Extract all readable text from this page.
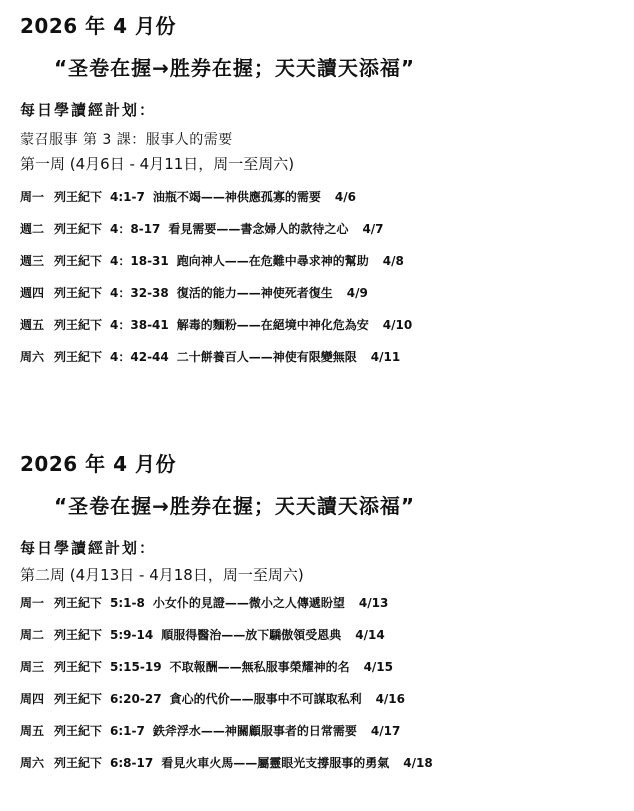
2026 年 4 月份
“圣卷在握→胜券在握；天天讀天添福”
每日學讀經計划：
蒙召服事 第 3 課：服事人的需要
第一周 (4月6日 - 4月11日，周一至周六)
周一 列王紀下 4:1-7 油瓶不竭——神供應孤寡的需要 4/6
週二 列王紀下 4：8-17 看見需要——書念婦人的款待之心 4/7
週三 列王紀下 4：18-31 跑向神人——在危難中尋求神的幫助 4/8
週四 列王紀下 4：32-38 復活的能力——神使死者復生 4/9
週五 列王紀下 4：38-41 解毒的麵粉——在絕境中神化危為安 4/10
周六 列王紀下 4：42-44 二十餅養百人——神使有限變無限 4/11
2026 年 4 月份
“圣卷在握→胜券在握；天天讀天添福”
每日學讀經計划：
第二周 (4月13日 - 4月18日，周一至周六)
周一 列王紀下 5:1-8 小女仆的見證——微小之人傳遞盼望 4/13
周二 列王紀下 5:9-14 順服得醫治——放下驕傲領受恩典 4/14
周三 列王紀下 5:15-19 不取報酬——無私服事榮耀神的名 4/15
周四 列王紀下 6:20-27 貪心的代价——服事中不可謀取私利 4/16
周五 列王紀下 6:1-7 鉄斧浮水——神關顧服事者的日常需要 4/17
周六 列王紀下 6:8-17 看見火車火馬——屬靈眼光支撐服事的勇氣 4/18
